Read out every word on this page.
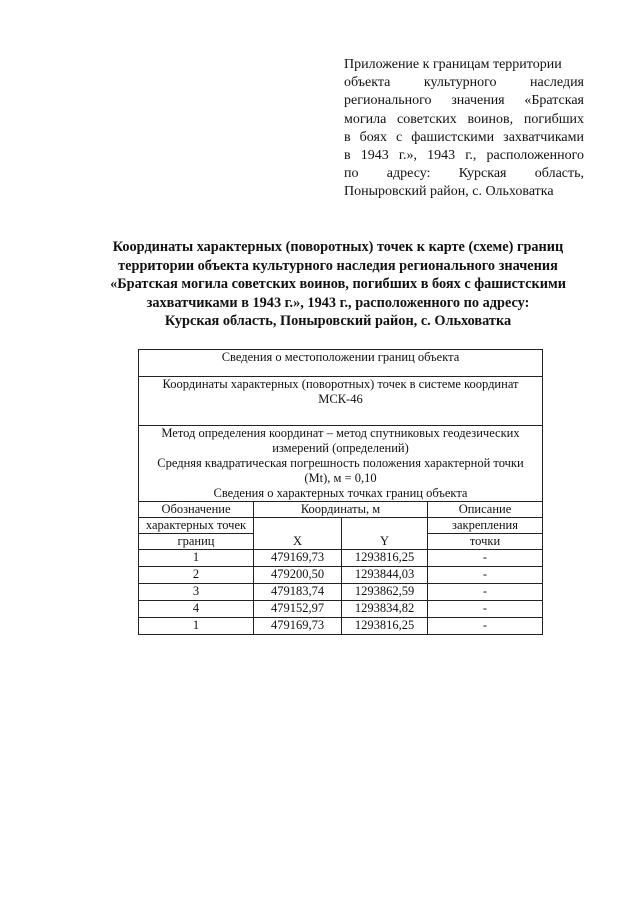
Приложение к границам территории
объекта культурного наследия
регионального значения «Братская
могила советских воинов, погибших
в боях с фашистскими захватчиками
в 1943 г.», 1943 г., расположенного
по адресу: Курская область,
Поныровский район, с. Ольховатка
Координаты характерных (поворотных) точек к карте (схеме) границ
территории объекта культурного наследия регионального значения
«Братская могила советских воинов, погибших в боях с фашистскими
захватчиками в 1943 г.», 1943 г., расположенного по адресу:
Курская область, Поныровский район, с. Ольховатка
Сведения о местоположении границ объекта			

Координаты характерных (поворотных) точек в системе координат
МСК-46			

Метод определения координат – метод спутниковых геодезических
измерений (определений)
Средняя квадратическая погрешность положения характерной точки
(Mt), м = 0,10
Сведения о характерных точках границ объекта			

Обозначение	Координаты, м		Описание
характерных точек			закрепления
границ	X	Y	точки
1	479169,73	1293816,25	-
2	479200,50	1293844,03	-
3	479183,74	1293862,59	-
4	479152,97	1293834,82	-
1	479169,73	1293816,25	-
